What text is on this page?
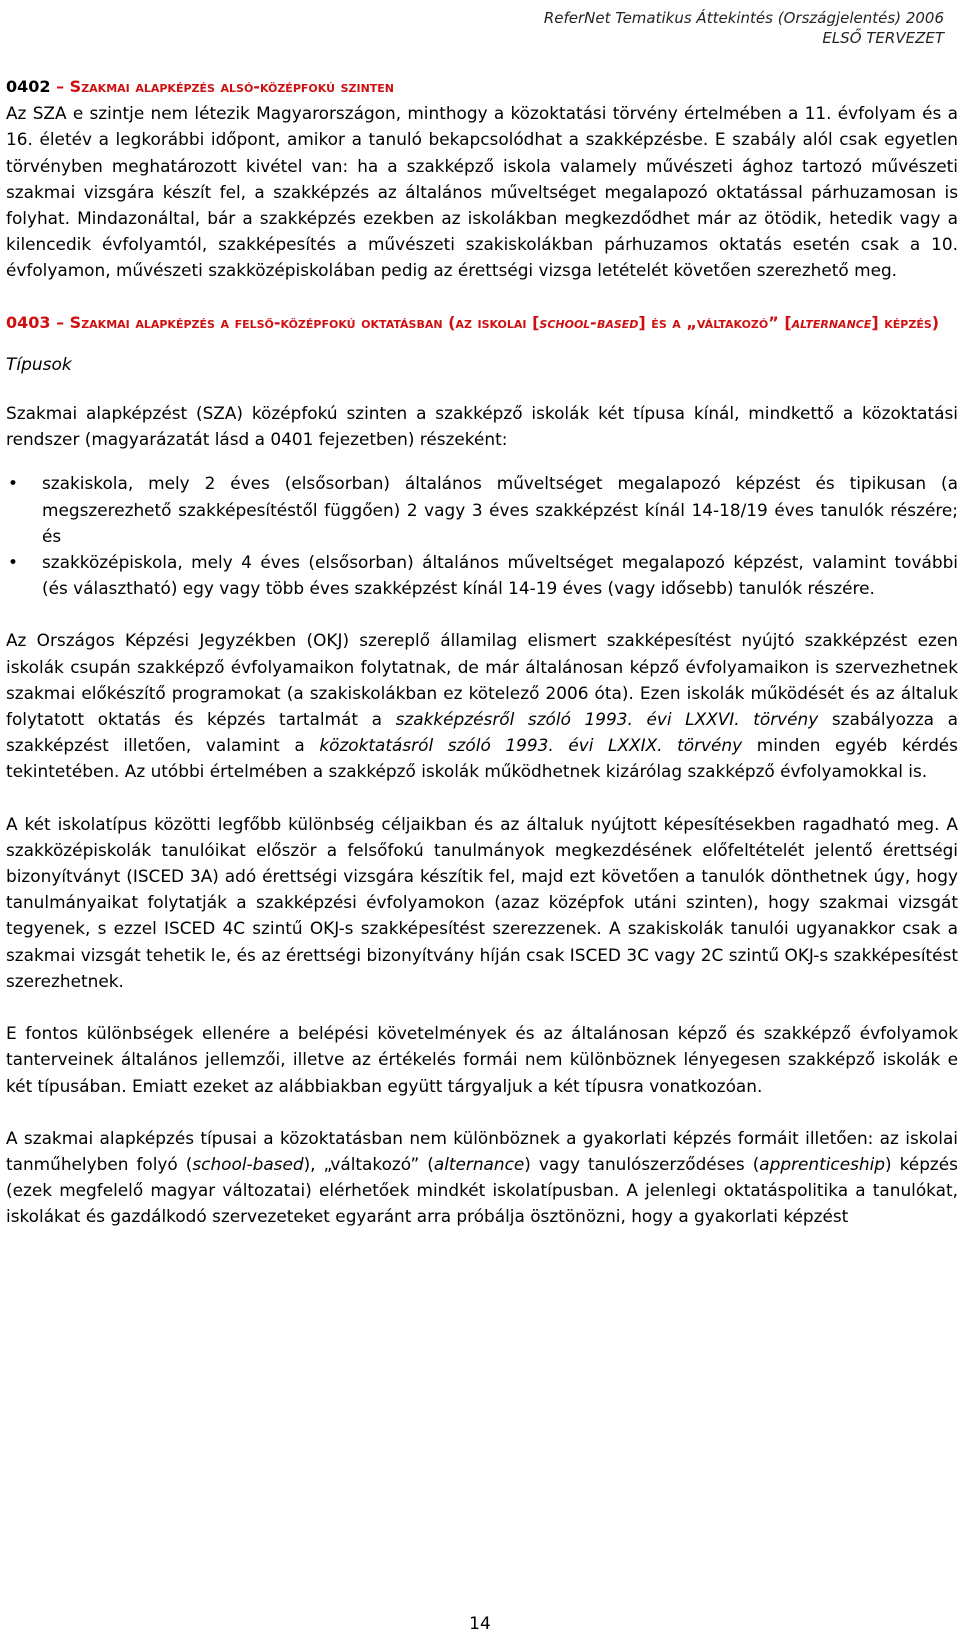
ReferNet Tematikus Áttekintés (Országjelentés) 2006
ELSŐ TERVEZET
0402 – Szakmai alapképzés alsó-középfokú szinten

Az SZA e szintje nem létezik Magyarországon, minthogy a közoktatási törvény értelmében a 11. évfolyam és a 16. életév a legkorábbi időpont, amikor a tanuló bekapcsolódhat a szakképzésbe. E szabály alól csak egyetlen törvényben meghatározott kivétel van: ha a szakképző iskola valamely művészeti ághoz tartozó művészeti szakmai vizsgára készít fel, a szakképzés az általános műveltséget megalapozó oktatással párhuzamosan is folyhat. Mindazonáltal, bár a szakképzés ezekben az iskolákban megkezdődhet már az ötödik, hetedik vagy a kilencedik évfolyamtól, szakképesítés a művészeti szakiskolákban párhuzamos oktatás esetén csak a 10. évfolyamon, művészeti szakközépiskolában pedig az érettségi vizsga letételét követően szerezhető meg.

0403 – Szakmai alapképzés a felső-középfokú oktatásban (az iskolai [school-based] és a „váltakozó” [alternance] képzés)
Típusok

Szakmai alapképzést (SZA) középfokú szinten a szakképző iskolák két típusa kínál, mindkettő a közoktatási rendszer (magyarázatát lásd a 0401 fejezetben) részeként:

• szakiskola, mely 2 éves (elsősorban) általános műveltséget megalapozó képzést és tipikusan (a megszerezhető szakképesítéstől függően) 2 vagy 3 éves szakképzést kínál 14-18/19 éves tanulók részére; és
• szakközépiskola, mely 4 éves (elsősorban) általános műveltséget megalapozó képzést, valamint további (és választható) egy vagy több éves szakképzést kínál 14-19 éves (vagy idősebb) tanulók részére.

Az Országos Képzési Jegyzékben (OKJ) szereplő államilag elismert szakképesítést nyújtó szakképzést ezen iskolák csupán szakképző évfolyamaikon folytatnak, de már általánosan képző évfolyamaikon is szervezhetnek szakmai előkészítő programokat (a szakiskolákban ez kötelező 2006 óta). Ezen iskolák működését és az általuk folytatott oktatás és képzés tartalmát a szakképzésről szóló 1993. évi LXXVI. törvény szabályozza a szakképzést illetően, valamint a közoktatásról szóló 1993. évi LXXIX. törvény minden egyéb kérdés tekintetében. Az utóbbi értelmében a szakképző iskolák működhetnek kizárólag szakképző évfolyamokkal is.

A két iskolatípus közötti legfőbb különbség céljaikban és az általuk nyújtott képesítésekben ragadható meg. A szakközépiskolák tanulóikat először a felsőfokú tanulmányok megkezdésének előfeltételét jelentő érettségi bizonyítványt (ISCED 3A) adó érettségi vizsgára készítik fel, majd ezt követően a tanulók dönthetnek úgy, hogy tanulmányaikat folytatják a szakképzési évfolyamokon (azaz középfok utáni szinten), hogy szakmai vizsgát tegyenek, s ezzel ISCED 4C szintű OKJ-s szakképesítést szerezzenek. A szakiskolák tanulói ugyanakkor csak a szakmai vizsgát tehetik le, és az érettségi bizonyítvány híján csak ISCED 3C vagy 2C szintű OKJ-s szakképesítést szerezhetnek.

E fontos különbségek ellenére a belépési követelmények és az általánosan képző és szakképző évfolyamok tanterveinek általános jellemzői, illetve az értékelés formái nem különböznek lényegesen szakképző iskolák e két típusában. Emiatt ezeket az alábbiakban együtt tárgyaljuk a két típusra vonatkozóan.

A szakmai alapképzés típusai a közoktatásban nem különböznek a gyakorlati képzés formáit illetően: az iskolai tanműhelyben folyó (school-based), „váltakozó” (alternance) vagy tanulószerződéses (apprenticeship) képzés (ezek megfelelő magyar változatai) elérhetőek mindkét iskolatípusban. A jelenlegi oktatáspolitika a tanulókat, iskolákat és gazdálkodó szervezeteket egyaránt arra próbálja ösztönözni, hogy a gyakorlati képzést

14
